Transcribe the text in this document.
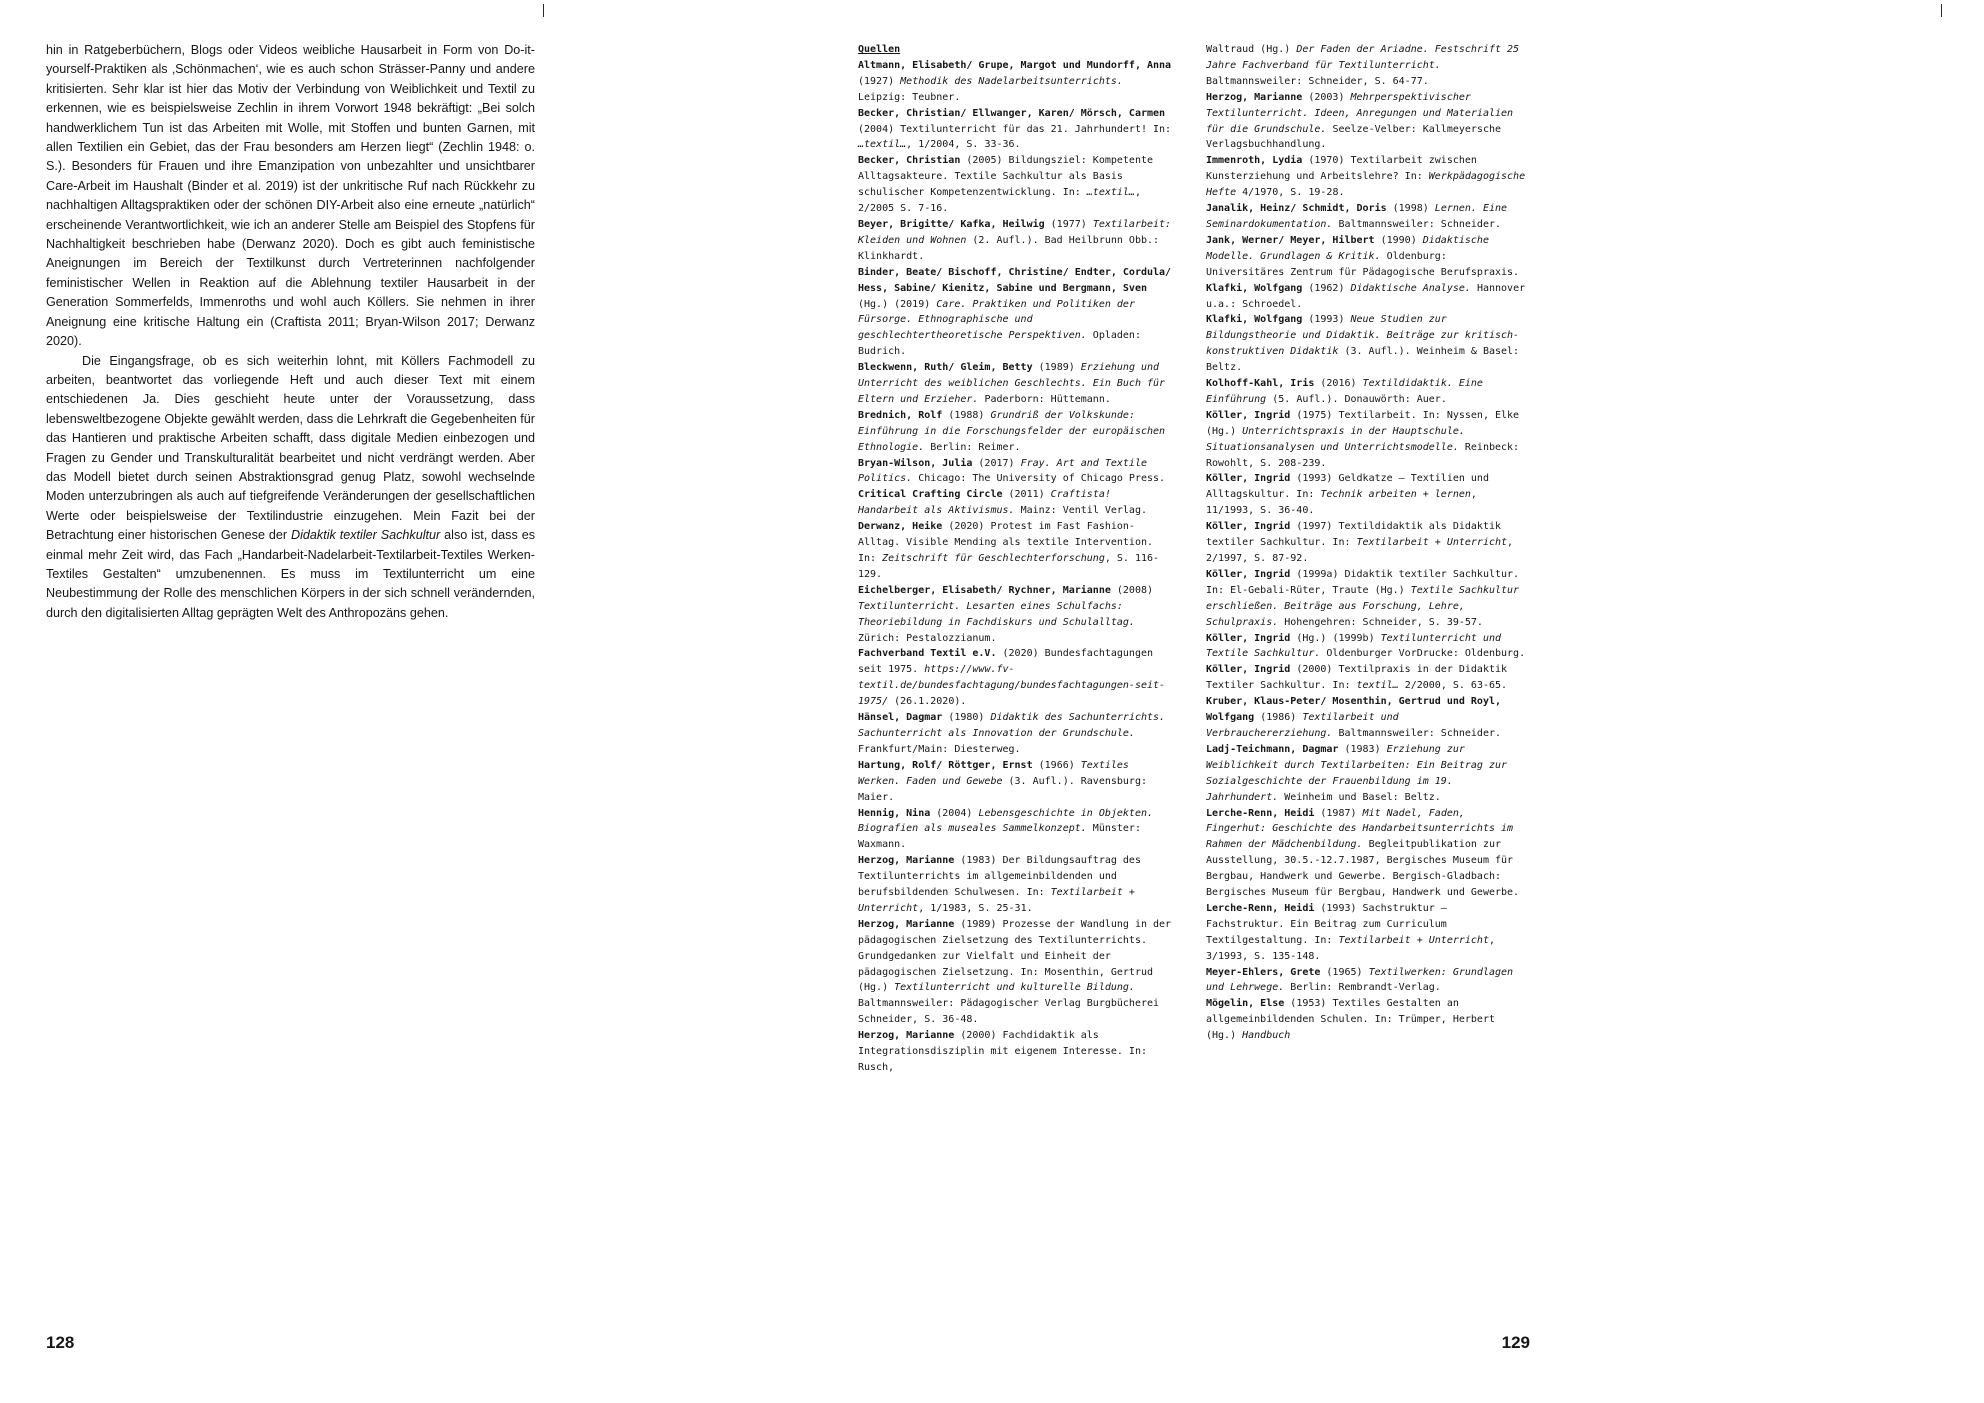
hin in Ratgeberbüchern, Blogs oder Videos weibliche Hausarbeit in Form von Do-it-yourself-Praktiken als ‚Schönmachen‘, wie es auch schon Strässer-Panny und andere kritisierten. Sehr klar ist hier das Motiv der Verbindung von Weiblichkeit und Textil zu erkennen, wie es beispielsweise Zechlin in ihrem Vorwort 1948 bekräftigt: „Bei solch handwerklichem Tun ist das Arbeiten mit Wolle, mit Stoffen und bunten Garnen, mit allen Textilien ein Gebiet, das der Frau besonders am Herzen liegt“ (Zechlin 1948: o. S.). Besonders für Frauen und ihre Emanzipation von unbezahlter und unsichtbarer Care-Arbeit im Haushalt (Binder et al. 2019) ist der unkritische Ruf nach Rückkehr zu nachhaltigen Alltagspraktiken oder der schönen DIY-Arbeit also eine erneute „natürlich“ erscheinende Verantwortlichkeit, wie ich an anderer Stelle am Beispiel des Stopfens für Nachhaltigkeit beschrieben habe (Derwanz 2020). Doch es gibt auch feministische Aneignungen im Bereich der Textilkunst durch Vertreterinnen nachfolgender feministischer Wellen in Reaktion auf die Ablehnung textiler Hausarbeit in der Generation Sommerfelds, Immenroths und wohl auch Köllers. Sie nehmen in ihrer Aneignung eine kritische Haltung ein (Craftista 2011; Bryan-Wilson 2017; Derwanz 2020).

Die Eingangsfrage, ob es sich weiterhin lohnt, mit Köllers Fachmodell zu arbeiten, beantwortet das vorliegende Heft und auch dieser Text mit einem entschiedenen Ja. Dies geschieht heute unter der Voraussetzung, dass lebensweltbezogene Objekte gewählt werden, dass die Lehrkraft die Gegebenheiten für das Hantieren und praktische Arbeiten schafft, dass digitale Medien einbezogen und Fragen zu Gender und Transkulturalität bearbeitet und nicht verdrängt werden. Aber das Modell bietet durch seinen Abstraktionsgrad genug Platz, sowohl wechselnde Moden unterzubringen als auch auf tiefgreifende Veränderungen der gesellschaftlichen Werte oder beispielsweise der Textilindustrie einzugehen. Mein Fazit bei der Betrachtung einer historischen Genese der Didaktik textiler Sachkultur also ist, dass es einmal mehr Zeit wird, das Fach „Handarbeit-Nadelarbeit-Textilarbeit-Textiles Werken-Textiles Gestalten“ umzubenennen. Es muss im Textilunterricht um eine Neubestimmung der Rolle des menschlichen Körpers in der sich schnell verändernden, durch den digitalisierten Alltag geprägten Welt des Anthropozäns gehen.

Quellen

Altmann, Elisabeth/ Grupe, Margot und Mundorff, Anna (1927) Methodik des Nadelarbeitsunterrichts. Leipzig: Teubner.

Becker, Christian/ Ellwanger, Karen/ Mörsch, Carmen (2004) Textilunterricht für das 21. Jahrhundert! In: …textil…, 1/2004, S. 33-36.

Becker, Christian (2005) Bildungsziel: Kompetente Alltagsakteure. Textile Sachkultur als Basis schulischer Kompetenzentwicklung. In: …textil…, 2/2005 S. 7-16.

Beyer, Brigitte/ Kafka, Heilwig (1977) Textilarbeit: Kleiden und Wohnen (2. Aufl.). Bad Heilbrunn Obb.: Klinkhardt.

Binder, Beate/ Bischoff, Christine/ Endter, Cordula/ Hess, Sabine/ Kienitz, Sabine und Bergmann, Sven (Hg.) (2019) Care. Praktiken und Politiken der Fürsorge. Ethnographische und geschlechtertheoretische Perspektiven. Opladen: Budrich.

Bleckwenn, Ruth/ Gleim, Betty (1989) Erziehung und Unterricht des weiblichen Geschlechts. Ein Buch für Eltern und Erzieher. Paderborn: Hüttemann.

Brednich, Rolf (1988) Grundriß der Volkskunde: Einführung in die Forschungsfelder der europäischen Ethnologie. Berlin: Reimer.

Bryan-Wilson, Julia (2017) Fray. Art and Textile Politics. Chicago: The University of Chicago Press.

Critical Crafting Circle (2011) Craftista! Handarbeit als Aktivismus. Mainz: Ventil Verlag.

Derwanz, Heike (2020) Protest im Fast Fashion-Alltag. Visible Mending als textile Intervention. In: Zeitschrift für Geschlechterforschung, S. 116-129.

Eichelberger, Elisabeth/ Rychner, Marianne (2008) Textilunterricht. Lesarten eines Schulfachs: Theoriebildung in Fachdiskurs und Schulalltag. Zürich: Pestalozzianum.

Fachverband Textil e.V. (2020) Bundesfachtagungen seit 1975. https://www.fv-textil.de/bundesfachtagung/bundesfachtagungen-seit-1975/ (26.1.2020).

Hänsel, Dagmar (1980) Didaktik des Sachunterrichts. Sachunterricht als Innovation der Grundschule. Frankfurt/Main: Diesterweg.

Hartung, Rolf/ Röttger, Ernst (1966) Textiles Werken. Faden und Gewebe (3. Aufl.). Ravensburg: Maier.

Hennig, Nina (2004) Lebensgeschichte in Objekten. Biografien als museales Sammelkonzept. Münster: Waxmann.

Herzog, Marianne (1983) Der Bildungsauftrag des Textilunterrichts im allgemeinbildenden und berufsbildenden Schulwesen. In: Textilarbeit + Unterricht, 1/1983, S. 25-31.

Herzog, Marianne (1989) Prozesse der Wandlung in der pädagogischen Zielsetzung des Textilunterrichts. Grundgedanken zur Vielfalt und Einheit der pädagogischen Zielsetzung. In: Mosenthin, Gertrud (Hg.) Textilunterricht und kulturelle Bildung. Baltmannsweiler: Pädagogischer Verlag Burgbücherei Schneider, S. 36-48.

Herzog, Marianne (2000) Fachdidaktik als Integrationsdisziplin mit eigenem Interesse. In: Rusch,

Waltraud (Hg.) Der Faden der Ariadne. Festschrift 25 Jahre Fachverband für Textilunterricht. Baltmannsweiler: Schneider, S. 64-77.

Herzog, Marianne (2003) Mehrperspektivischer Textilunterricht. Ideen, Anregungen und Materialien für die Grundschule. Seelze-Velber: Kallmeyersche Verlagsbuchhandlung.

Immenroth, Lydia (1970) Textilarbeit zwischen Kunsterziehung und Arbeitslehre? In: Werkpädagogische Hefte 4/1970, S. 19-28.

Janalik, Heinz/ Schmidt, Doris (1998) Lernen. Eine Seminardokumentation. Baltmannsweiler: Schneider.

Jank, Werner/ Meyer, Hilbert (1990) Didaktische Modelle. Grundlagen & Kritik. Oldenburg: Universitäres Zentrum für Pädagogische Berufspraxis.

Klafki, Wolfgang (1962) Didaktische Analyse. Hannover u.a.: Schroedel.

Klafki, Wolfgang (1993) Neue Studien zur Bildungstheorie und Didaktik. Beiträge zur kritisch-konstruktiven Didaktik (3. Aufl.). Weinheim & Basel: Beltz.

Kolhoff-Kahl, Iris (2016) Textildidaktik. Eine Einführung (5. Aufl.). Donauwörth: Auer.

Köller, Ingrid (1975) Textilarbeit. In: Nyssen, Elke (Hg.) Unterrichtspraxis in der Hauptschule. Situationsanalysen und Unterrichtsmodelle. Reinbeck: Rowohlt, S. 208-239.

Köller, Ingrid (1993) Geldkatze – Textilien und Alltagskultur. In: Technik arbeiten + lernen, 11/1993, S. 36-40.

Köller, Ingrid (1997) Textildidaktik als Didaktik textiler Sachkultur. In: Textilarbeit + Unterricht, 2/1997, S. 87-92.

Köller, Ingrid (1999a) Didaktik textiler Sachkultur. In: El-Gebali-Rüter, Traute (Hg.) Textile Sachkultur erschließen. Beiträge aus Forschung, Lehre, Schulpraxis. Hohengehren: Schneider, S. 39-57.

Köller, Ingrid (Hg.) (1999b) Textilunterricht und Textile Sachkultur. Oldenburger VorDrucke: Oldenburg.

Köller, Ingrid (2000) Textilpraxis in der Didaktik Textiler Sachkultur. In: textil… 2/2000, S. 63-65.

Kruber, Klaus-Peter/ Mosenthin, Gertrud und Royl, Wolfgang (1986) Textilarbeit und Verbrauchererziehung. Baltmannsweiler: Schneider.

Ladj-Teichmann, Dagmar (1983) Erziehung zur Weiblichkeit durch Textilarbeiten: Ein Beitrag zur Sozialgeschichte der Frauenbildung im 19. Jahrhundert. Weinheim und Basel: Beltz.

Lerche-Renn, Heidi (1987) Mit Nadel, Faden, Fingerhut: Geschichte des Handarbeitsunterrichts im Rahmen der Mädchenbildung. Begleitpublikation zur Ausstellung, 30.5.-12.7.1987, Bergisches Museum für Bergbau, Handwerk und Gewerbe. Bergisch-Gladbach: Bergisches Museum für Bergbau, Handwerk und Gewerbe.

Lerche-Renn, Heidi (1993) Sachstruktur – Fachstruktur. Ein Beitrag zum Curriculum Textilgestaltung. In: Textilarbeit + Unterricht, 3/1993, S. 135-148.

Meyer-Ehlers, Grete (1965) Textilwerken: Grundlagen und Lehrwege. Berlin: Rembrandt-Verlag.

Mögelin, Else (1953) Textiles Gestalten an allgemeinbildenden Schulen. In: Trümper, Herbert (Hg.) Handbuch

128	129
